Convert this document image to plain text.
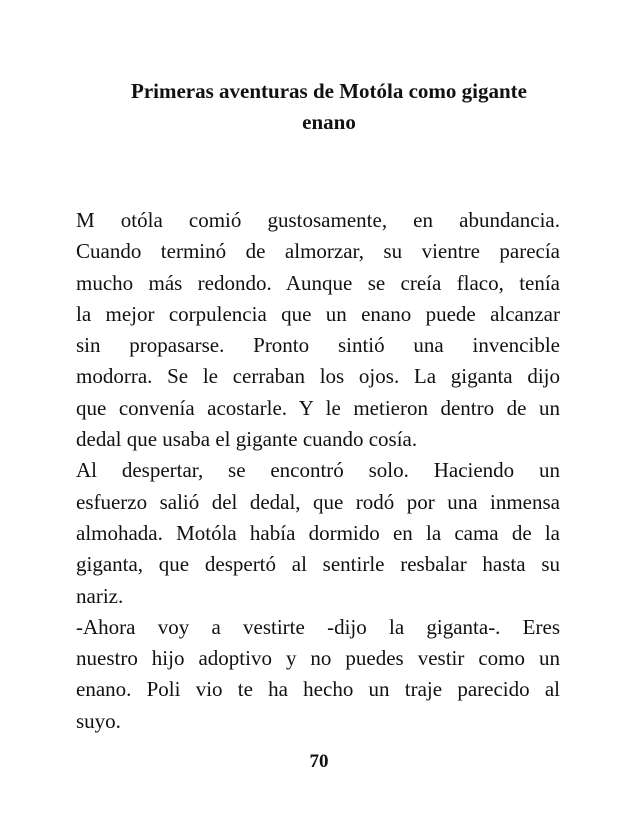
Primeras aventuras de Motóla como gigante
enano
M otóla comió gustosamente, en abundancia.
Cuando terminó de almorzar, su vientre parecía
mucho más redondo. Aunque se creía flaco, tenía
la mejor corpulencia que un enano puede alcanzar
sin propasarse. Pronto sintió una invencible
modorra. Se le cerraban los ojos. La giganta dijo
que convenía acostarle. Y le metieron dentro de un
dedal que usaba el gigante cuando cosía.
Al despertar, se encontró solo. Haciendo un
esfuerzo salió del dedal, que rodó por una inmensa
almohada. Motóla había dormido en la cama de la
giganta, que despertó al sentirle resbalar hasta su
nariz.
-Ahora voy a vestirte -dijo la giganta-. Eres
nuestro hijo adoptivo y no puedes vestir como un
enano. Poli vio te ha hecho un traje parecido al
suyo.
70
